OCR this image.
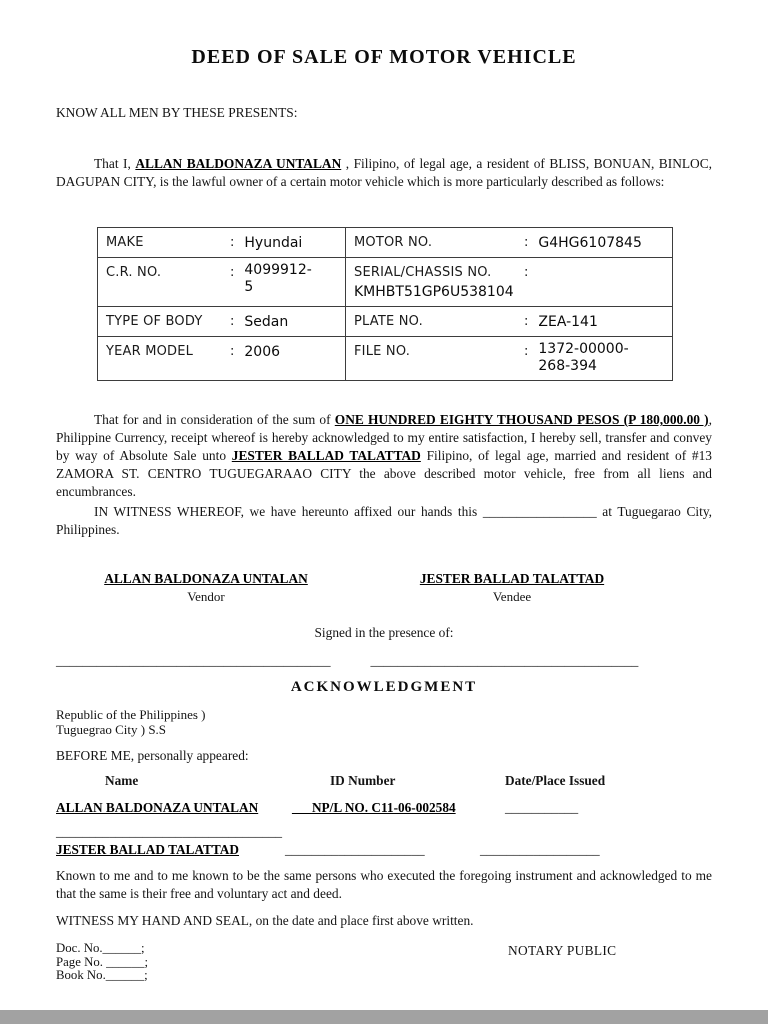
DEED OF SALE OF MOTOR VEHICLE
KNOW ALL MEN BY THESE PRESENTS:

That I, ALLAN BALDONAZA UNTALAN , Filipino, of legal age, a resident of BLISS, BONUAN, BINLOC, DAGUPAN CITY, is the lawful owner of a certain motor vehicle which is more particularly described as follows:

MAKE : Hyundai	MOTOR NO. : G4HG6107845
C.R. NO. : 4099912-5	SERIAL/CHASSIS NO. :KMHBT51GP6U538104
TYPE OF BODY : Sedan	PLATE NO. : ZEA-141
YEAR MODEL : 2006	FILE NO. : 1372-00000-268-394

That for and in consideration of the sum of ONE HUNDRED EIGHTY THOUSAND PESOS (P 180,000.00 ), Philippine Currency, receipt whereof is hereby acknowledged to my entire satisfaction, I hereby sell, transfer and convey by way of Absolute Sale unto JESTER BALLAD TALATTAD Filipino, of legal age, married and resident of #13 ZAMORA ST. CENTRO TUGUEGARAAO CITY the above described motor vehicle, free from all liens and encumbrances.

IN WITNESS WHEREOF, we have hereunto affixed our hands this _________________ at Tuguegarao City, Philippines.

ALLAN BALDONAZA UNTALAN
Vendor
JESTER BALLAD TALATTAD
Vendee
Signed in the presence of:
_________________________________________	________________________________________
ACKNOWLEDGMENT
Republic of the Philippines )
Tuguegrao City ) S.S
BEFORE ME, personally appeared:
Name	ID Number	Date/Place Issued
ALLAN BALDONAZA UNTALAN	___NP/L NO. C11-06-002584	___________
__________________________________
JESTER BALLAD TALATTAD	_____________________	__________________

Known to me and to me known to be the same persons who executed the foregoing instrument and acknowledged to me that the same is their free and voluntary act and deed.

WITNESS MY HAND AND SEAL, on the date and place first above written.

Doc. No.______;
Page No. ______;
Book No.______;
NOTARY PUBLIC
